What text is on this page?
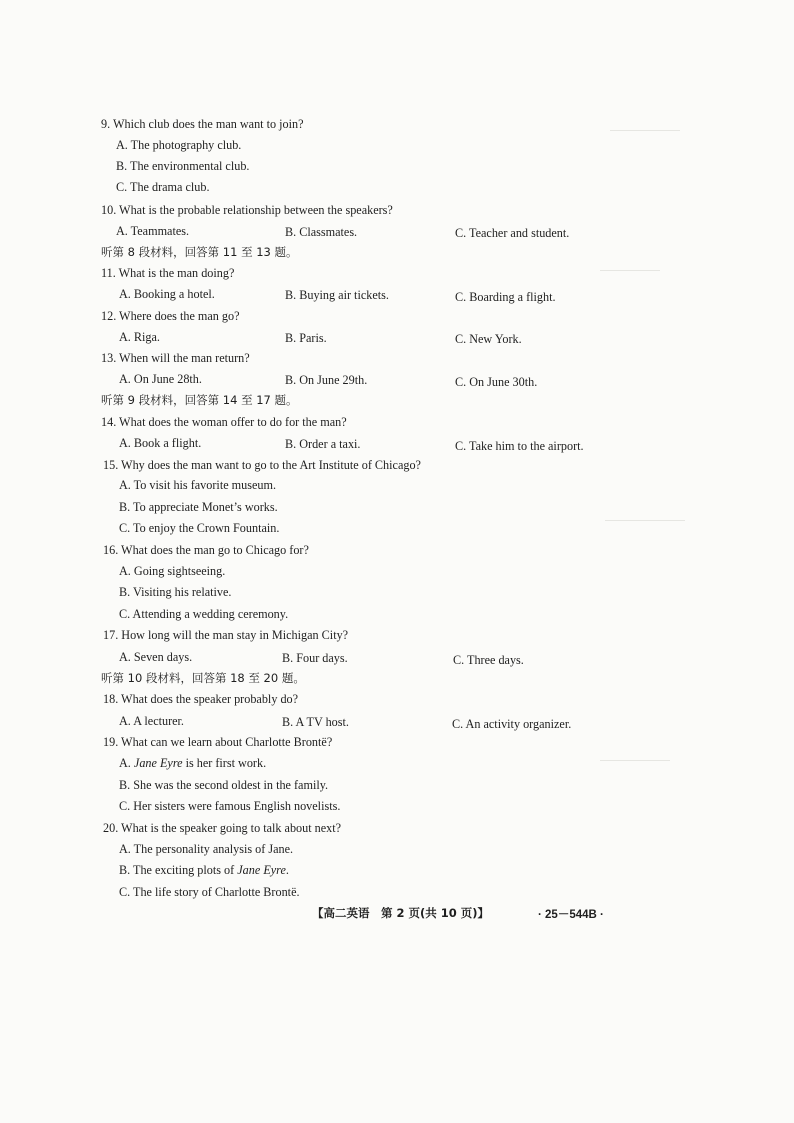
9. Which club does the man want to join?
A. The photography club.
B. The environmental club.
C. The drama club.
10. What is the probable relationship between the speakers?
A. Teammates.	B. Classmates.	C. Teacher and student.
听第 8 段材料，回答第 11 至 13 题。
11. What is the man doing?
A. Booking a hotel.	B. Buying air tickets.	C. Boarding a flight.
12. Where does the man go?
A. Riga.	B. Paris.	C. New York.
13. When will the man return?
A. On June 28th.	B. On June 29th.	C. On June 30th.
听第 9 段材料，回答第 14 至 17 题。
14. What does the woman offer to do for the man?
A. Book a flight.	B. Order a taxi.	C. Take him to the airport.
15. Why does the man want to go to the Art Institute of Chicago?
A. To visit his favorite museum.
B. To appreciate Monet’s works.
C. To enjoy the Crown Fountain.
16. What does the man go to Chicago for?
A. Going sightseeing.
B. Visiting his relative.
C. Attending a wedding ceremony.
17. How long will the man stay in Michigan City?
A. Seven days.	B. Four days.	C. Three days.
听第 10 段材料，回答第 18 至 20 题。
18. What does the speaker probably do?
A. A lecturer.	B. A TV host.	C. An activity organizer.
19. What can we learn about Charlotte Brontë?
A. Jane Eyre is her first work.
B. She was the second oldest in the family.
C. Her sisters were famous English novelists.
20. What is the speaker going to talk about next?
A. The personality analysis of Jane.
B. The exciting plots of Jane Eyre.
C. The life story of Charlotte Brontë.
【高二英语　第 2 页(共 10 页)】	· 25－544B ·
